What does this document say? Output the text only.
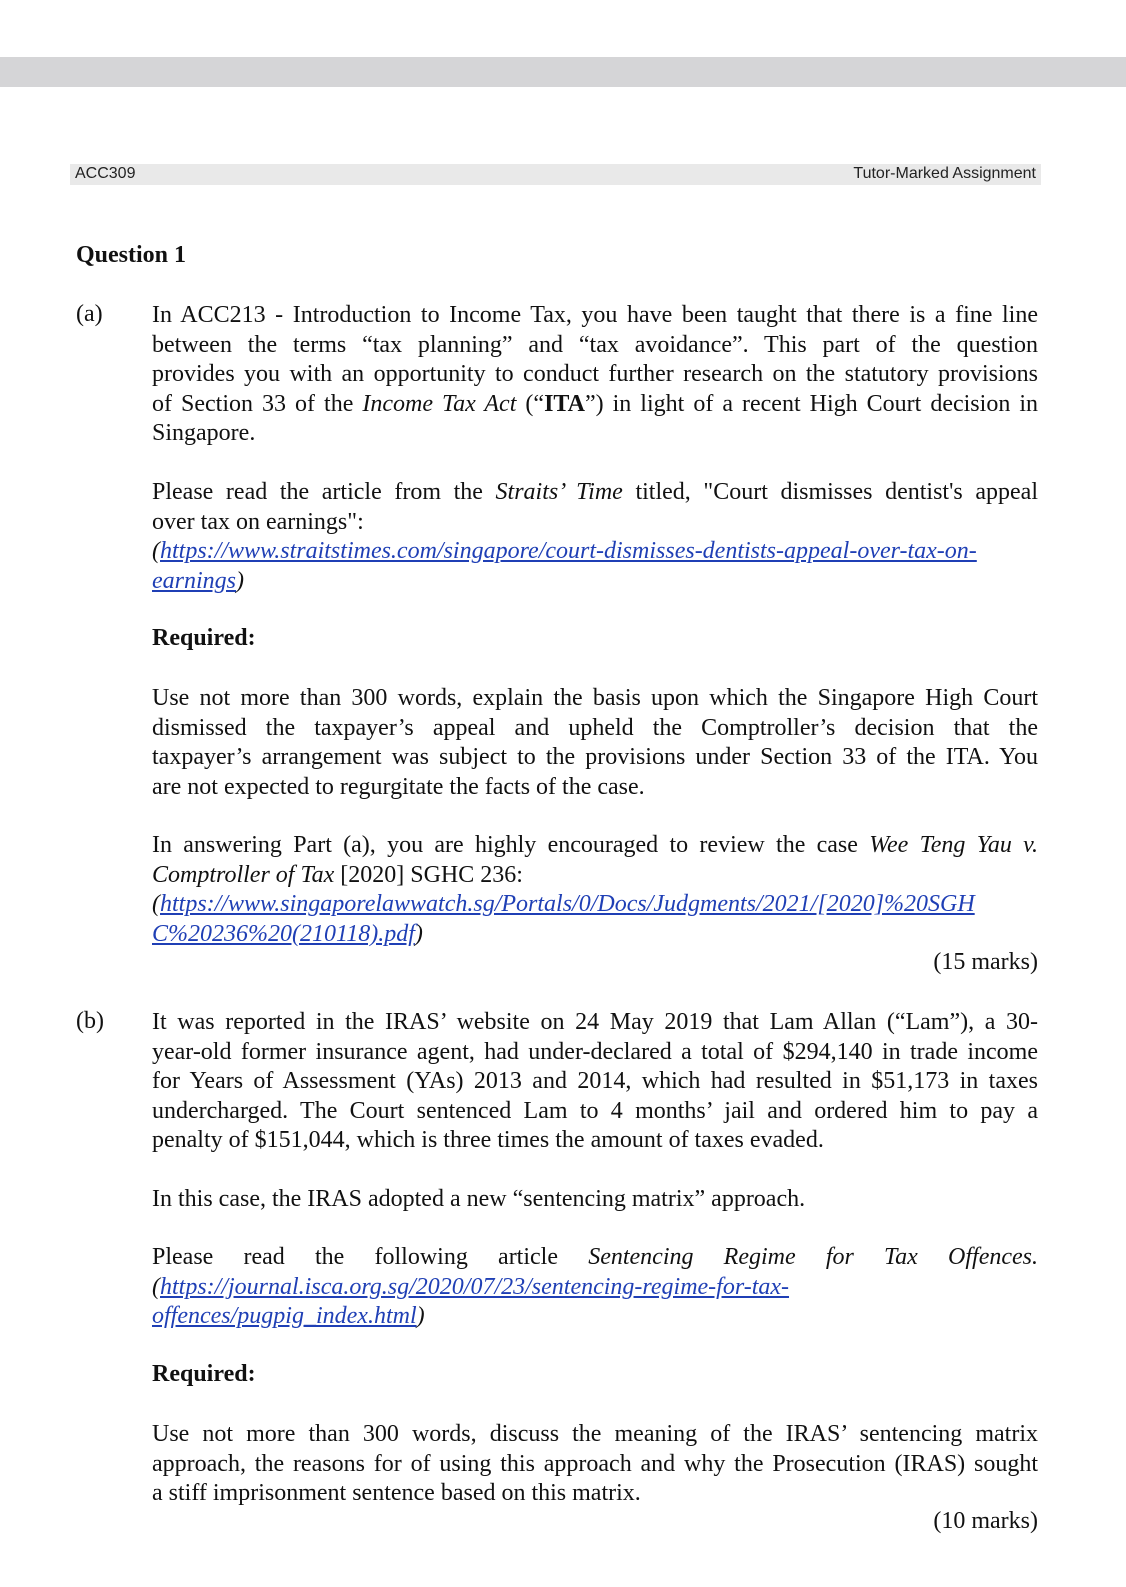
ACC309	Tutor-Marked Assignment
Question 1
(a) In ACC213 - Introduction to Income Tax, you have been taught that there is a fine line
between the terms “tax planning” and “tax avoidance”. This part of the question
provides you with an opportunity to conduct further research on the statutory provisions
of Section 33 of the Income Tax Act (“ITA”) in light of a recent High Court decision in
Singapore.
Please read the article from the Straits’ Time titled, "Court dismisses dentist's appeal
over tax on earnings":
(https://www.straitstimes.com/singapore/court-dismisses-dentists-appeal-over-tax-on-
earnings)
Required:
Use not more than 300 words, explain the basis upon which the Singapore High Court
dismissed the taxpayer’s appeal and upheld the Comptroller’s decision that the
taxpayer’s arrangement was subject to the provisions under Section 33 of the ITA. You
are not expected to regurgitate the facts of the case.
In answering Part (a), you are highly encouraged to review the case Wee Teng Yau v.
Comptroller of Tax [2020] SGHC 236:
(https://www.singaporelawwatch.sg/Portals/0/Docs/Judgments/2021/[2020]%20SGH
C%20236%20(210118).pdf)
(15 marks)
(b) It was reported in the IRAS’ website on 24 May 2019 that Lam Allan (“Lam”), a 30-
year-old former insurance agent, had under-declared a total of $294,140 in trade income
for Years of Assessment (YAs) 2013 and 2014, which had resulted in $51,173 in taxes
undercharged. The Court sentenced Lam to 4 months’ jail and ordered him to pay a
penalty of $151,044, which is three times the amount of taxes evaded.
In this case, the IRAS adopted a new “sentencing matrix” approach.
Please read the following article Sentencing Regime for Tax Offences.
(https://journal.isca.org.sg/2020/07/23/sentencing-regime-for-tax-
offences/pugpig_index.html)
Required:
Use not more than 300 words, discuss the meaning of the IRAS’ sentencing matrix
approach, the reasons for of using this approach and why the Prosecution (IRAS) sought
a stiff imprisonment sentence based on this matrix.
(10 marks)
